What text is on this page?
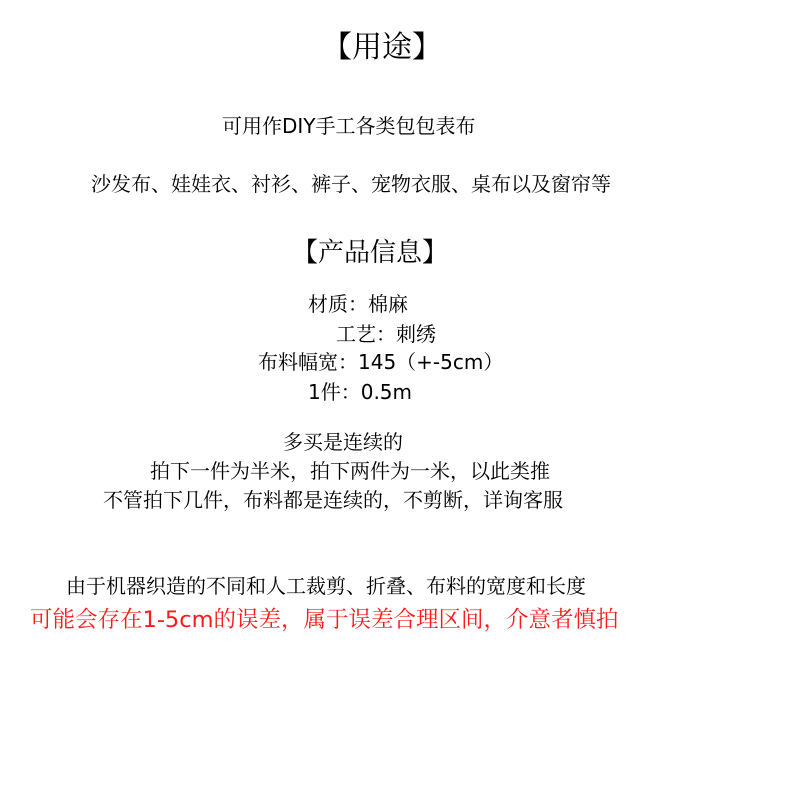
【用途】
可用作DIY手工各类包包表布
沙发布、娃娃衣、衬衫、裤子、宠物衣服、桌布以及窗帘等
【产品信息】
材质：棉麻
工艺：刺绣
布料幅宽：145（+-5cm）
1件：0.5m
多买是连续的
拍下一件为半米，拍下两件为一米，以此类推
不管拍下几件，布料都是连续的，不剪断，详询客服
由于机器织造的不同和人工裁剪、折叠、布料的宽度和长度
可能会存在1-5cm的误差，属于误差合理区间，介意者慎拍
